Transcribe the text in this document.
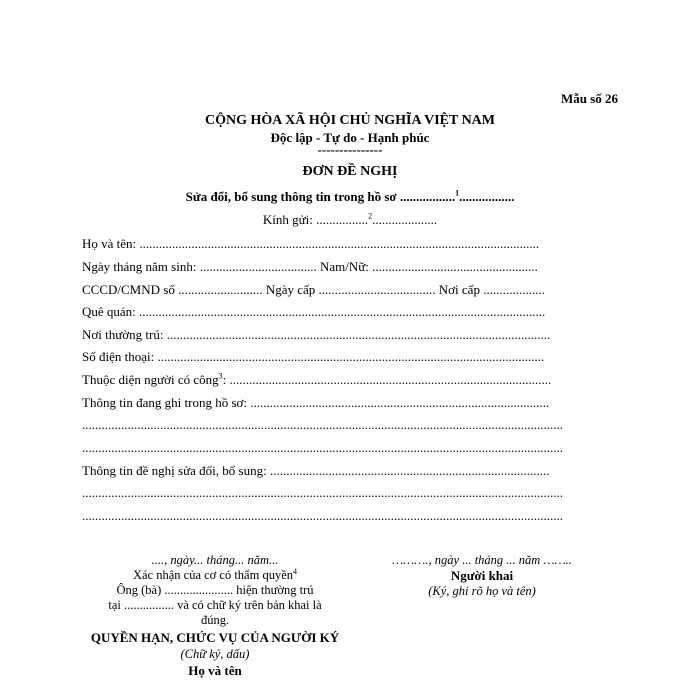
Mẫu số 26
CỘNG HÒA XÃ HỘI CHỦ NGHĨA VIỆT NAM
Độc lập - Tự do - Hạnh phúc
---------------
ĐƠN ĐỀ NGHỊ
Sửa đổi, bổ sung thông tin trong hồ sơ .................$^1$.................
Kính gửi: ................$^2$....................
Họ và tên: ...........................................................................................................................
Ngày tháng năm sinh: .................................... Nam/Nữ: ...................................................
CCCD/CMND số .......................... Ngày cấp .................................... Nơi cấp ...................
Quê quán: .............................................................................................................................
Nơi thường trú: ......................................................................................................................
Số điện thoại: .......................................................................................................................
Thuộc diện người có công$^3$: ...................................................................................................
Thông tin đang ghi trong hồ sơ: ............................................................................................
....................................................................................................................................................
....................................................................................................................................................
Thông tin đề nghị sửa đổi, bổ sung: ......................................................................................
....................................................................................................................................................
....................................................................................................................................................
...., ngày... tháng... năm...
Xác nhận của cơ có thẩm quyền$^4$
Ông (bà) ...................... hiện thường trú
tại ................ và có chữ ký trên bản khai là
đúng.
QUYỀN HẠN, CHỨC VỤ CỦA NGƯỜI KÝ
(Chữ ký, dấu)
Họ và tên
………., ngày ... tháng ... năm ……..
Người khai
(Ký, ghi rõ họ và tên)
